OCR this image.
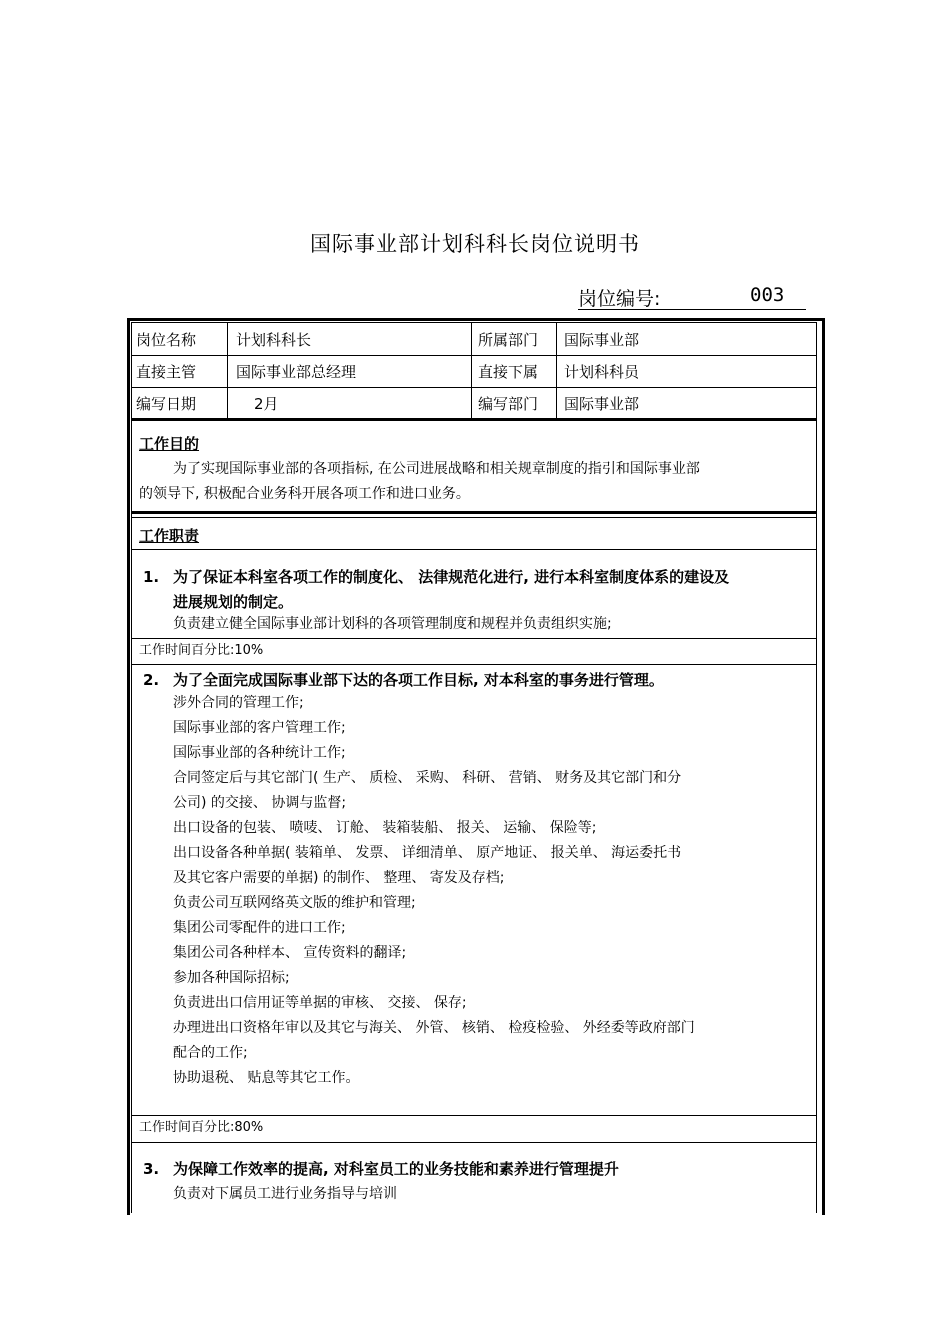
国际事业部计划科科长岗位说明书
岗位编号:	003
岗位名称	计划科科长	所属部门 国际事业部
直接主管	国际事业部总经理	直接下属 计划科科员
编写日期	2月	编写部门 国际事业部
工作目的
为了实现国际事业部的各项指标, 在公司进展战略和相关规章制度的指引和国际事业部
的领导下, 积极配合业务科开展各项工作和进口业务。
工作职责
1. 为了保证本科室各项工作的制度化、 法律规范化进行, 进行本科室制度体系的建设及
进展规划的制定。
负责建立健全国际事业部计划科的各项管理制度和规程并负责组织实施;
工作时间百分比:10%
2. 为了全面完成国际事业部下达的各项工作目标, 对本科室的事务进行管理。
涉外合同的管理工作;
国际事业部的客户管理工作;
国际事业部的各种统计工作;
合同签定后与其它部门( 生产、 质检、 采购、 科研、 营销、 财务及其它部门和分
公司) 的交接、 协调与监督;
出口设备的包装、 喷唛、 订舱、 装箱装船、 报关、 运输、 保险等;
出口设备各种单据( 装箱单、 发票、 详细清单、 原产地证、 报关单、 海运委托书
及其它客户需要的单据) 的制作、 整理、 寄发及存档;
负责公司互联网络英文版的维护和管理;
集团公司零配件的进口工作;
集团公司各种样本、 宣传资料的翻译;
参加各种国际招标;
负责进出口信用证等单据的审核、 交接、 保存;
办理进出口资格年审以及其它与海关、 外管、 核销、 检疫检验、 外经委等政府部门
配合的工作;
协助退税、 贴息等其它工作。
工作时间百分比:80%
3. 为保障工作效率的提高, 对科室员工的业务技能和素养进行管理提升
负责对下属员工进行业务指导与培训
